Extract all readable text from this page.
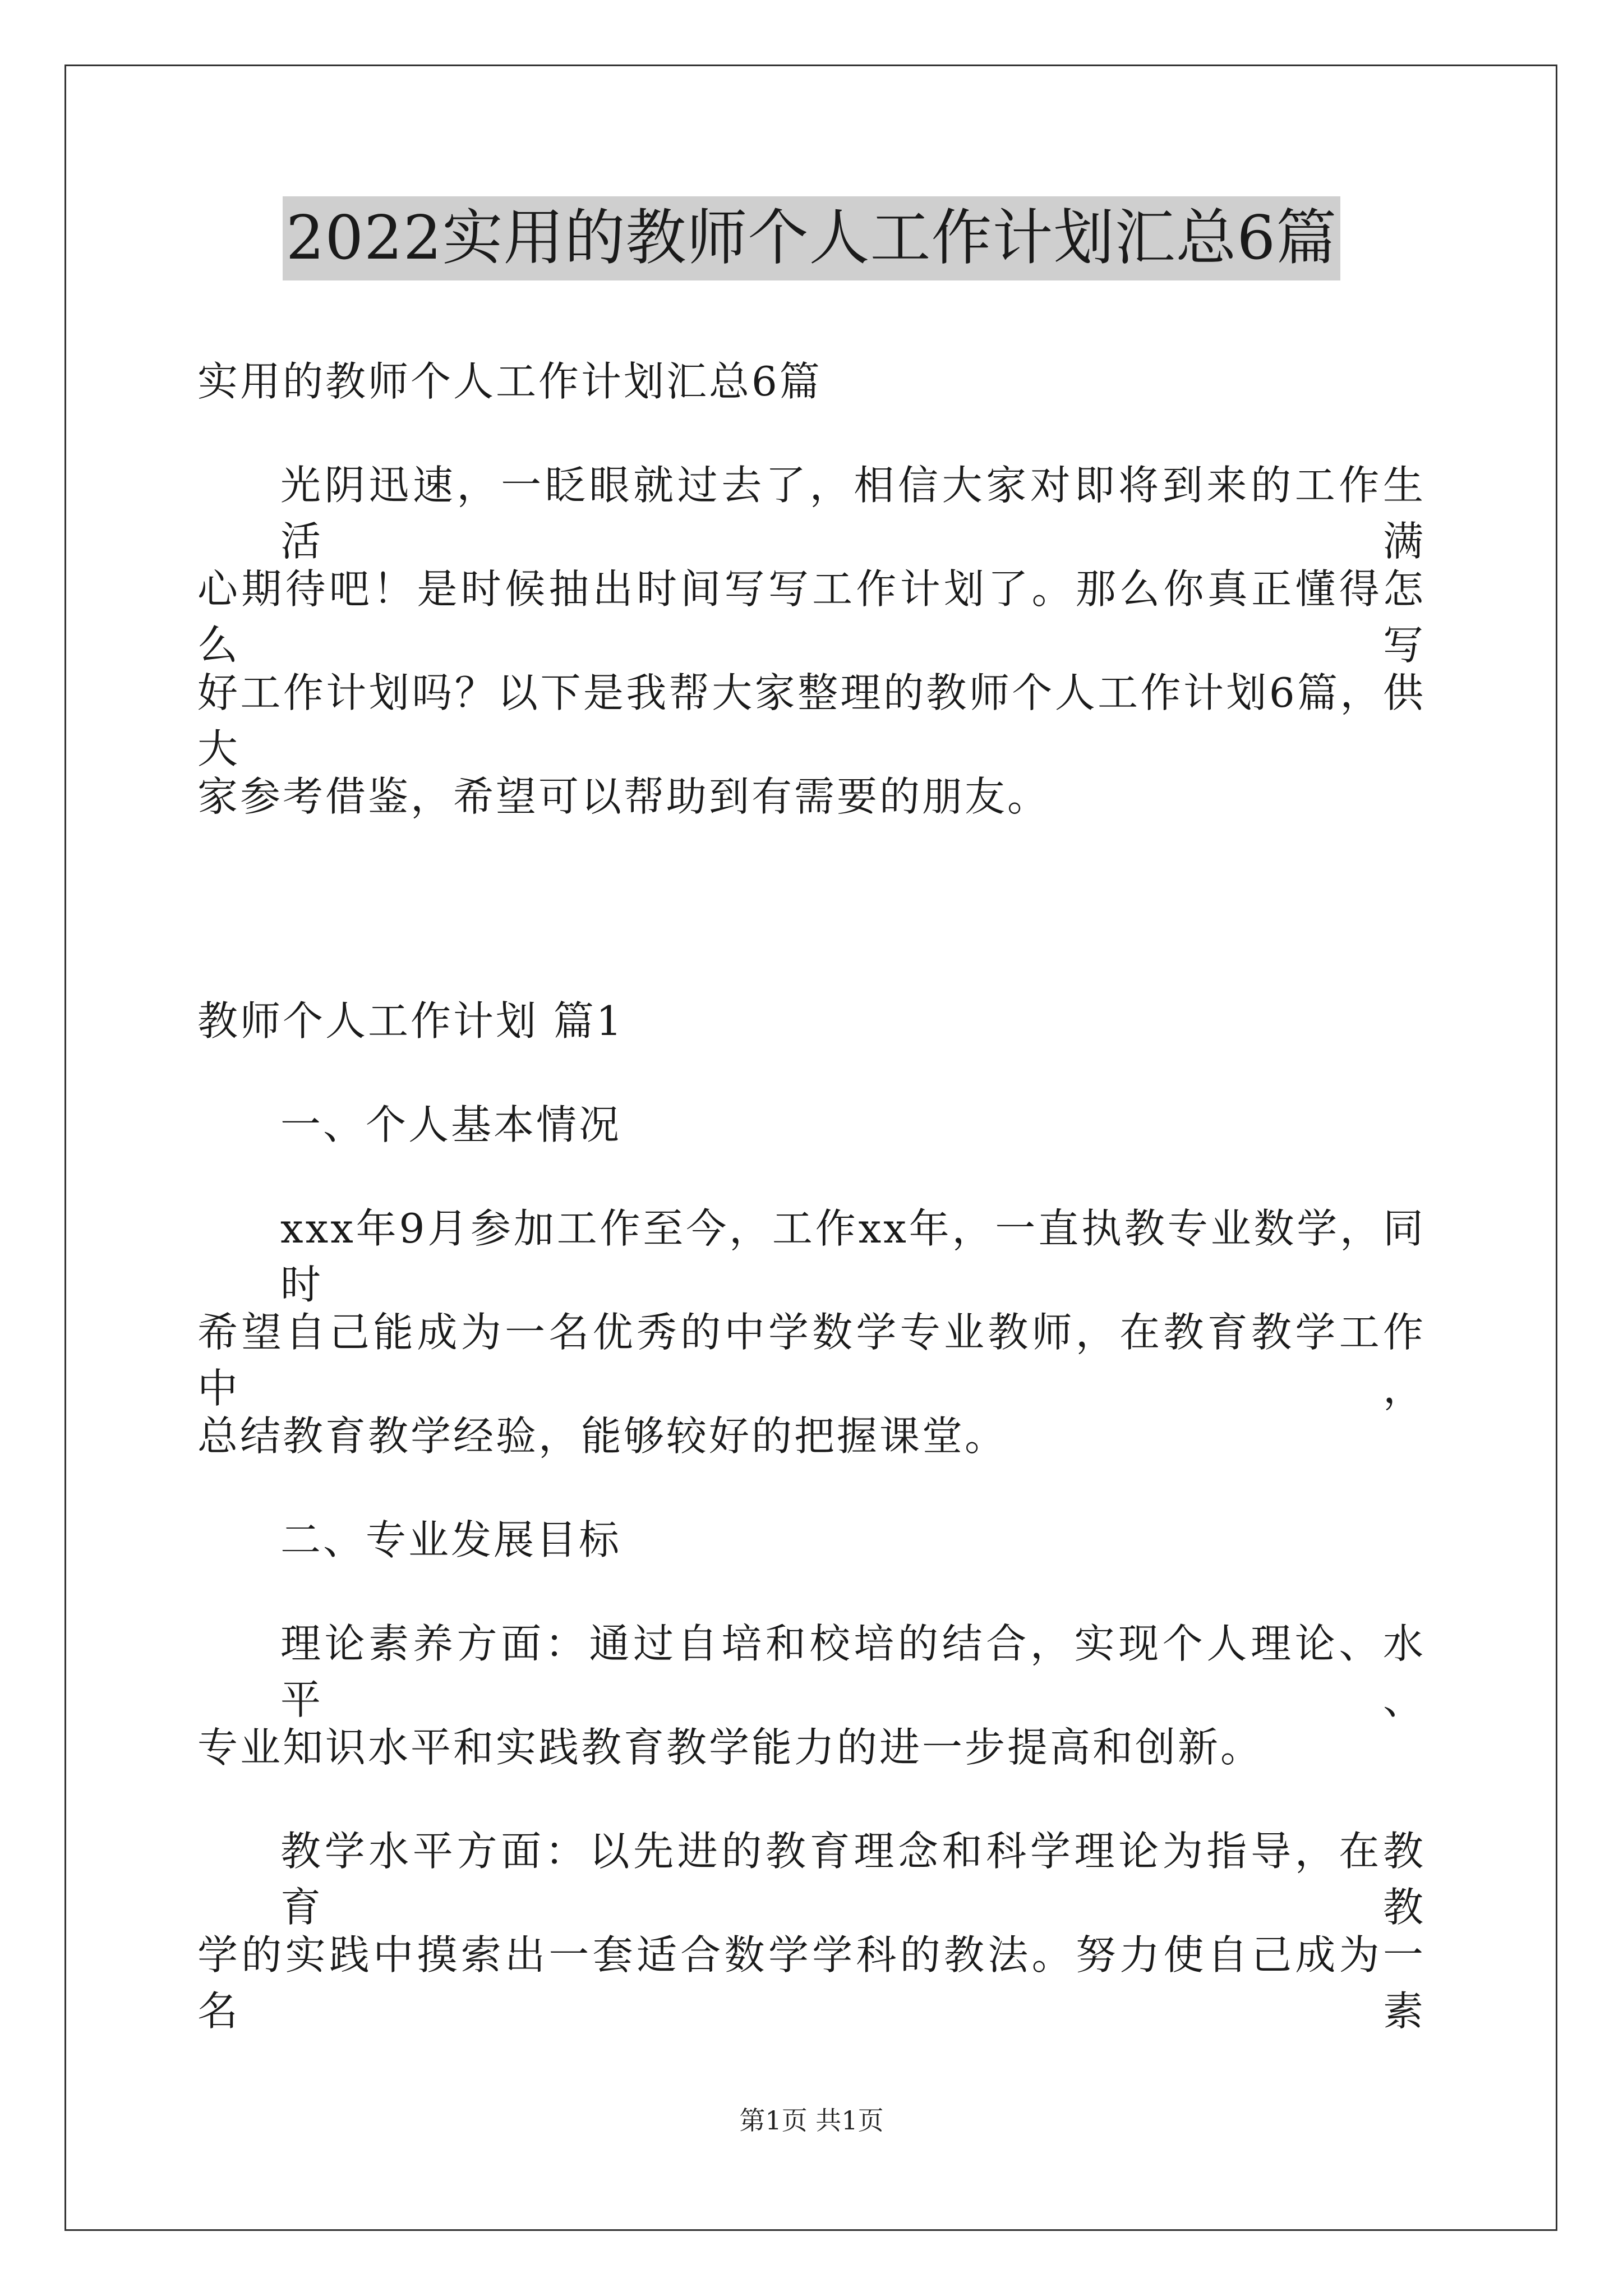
2022实用的教师个人工作计划汇总6篇
实用的教师个人工作计划汇总6篇
光阴迅速，一眨眼就过去了，相信大家对即将到来的工作生活满
心期待吧！是时候抽出时间写写工作计划了。那么你真正懂得怎么写
好工作计划吗？以下是我帮大家整理的教师个人工作计划6篇，供大
家参考借鉴，希望可以帮助到有需要的朋友。
教师个人工作计划 篇1
一、个人基本情况
xxx年9月参加工作至今，工作xx年，一直执教专业数学，同时
希望自己能成为一名优秀的中学数学专业教师，在教育教学工作中，
总结教育教学经验，能够较好的把握课堂。
二、专业发展目标
理论素养方面：通过自培和校培的结合，实现个人理论、水平、
专业知识水平和实践教育教学能力的进一步提高和创新。
教学水平方面：以先进的教育理念和科学理论为指导，在教育教
学的实践中摸索出一套适合数学学科的教法。努力使自己成为一名素
第1页 共1页
